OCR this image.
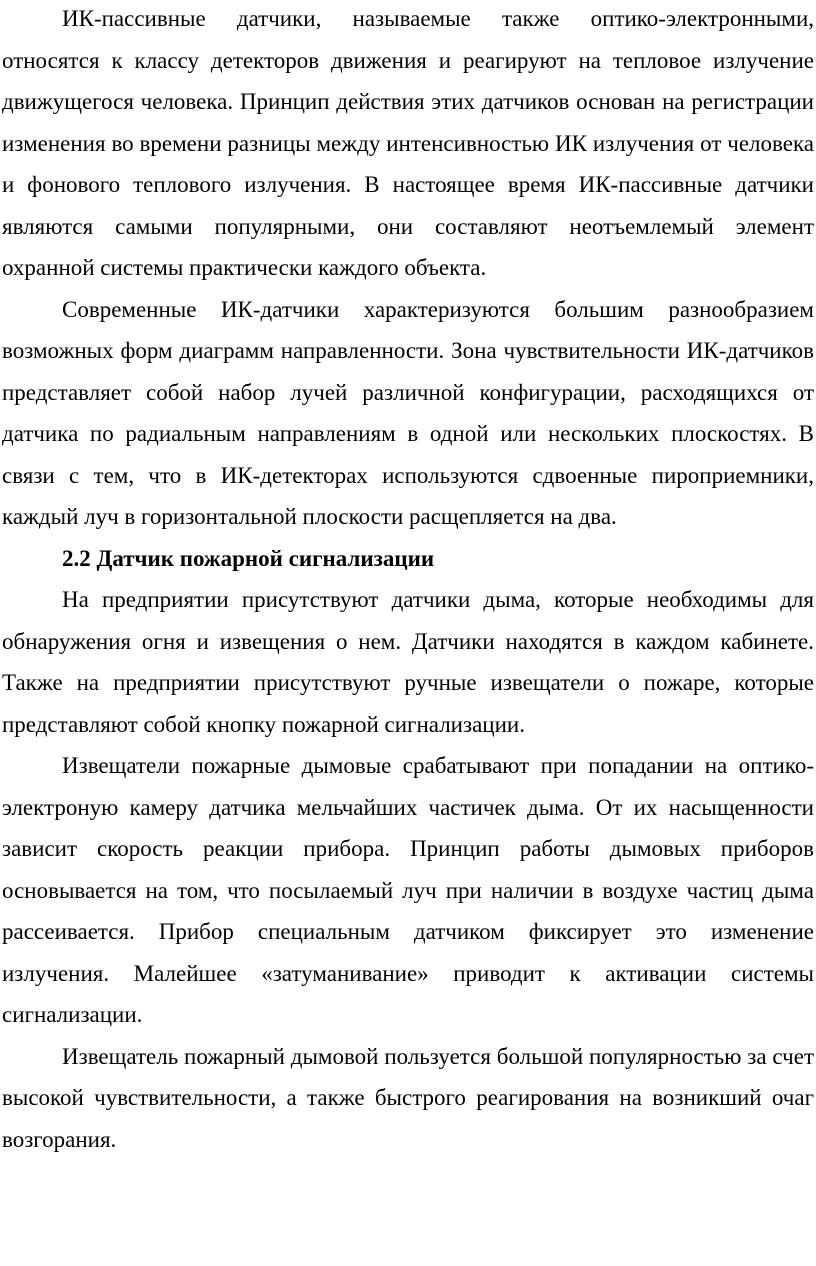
ИК-пассивные датчики, называемые также оптико-электронными, относятся к классу детекторов движения и реагируют на тепловое излучение движущегося человека. Принцип действия этих датчиков основан на регистрации изменения во времени разницы между интенсивностью ИК излучения от человека и фонового теплового излучения. В настоящее время ИК-пассивные датчики являются самыми популярными, они составляют неотъемлемый элемент охранной системы практически каждого объекта.

Современные ИК-датчики характеризуются большим разнообразием возможных форм диаграмм направленности. Зона чувствительности ИК-датчиков представляет собой набор лучей различной конфигурации, расходящихся от датчика по радиальным направлениям в одной или нескольких плоскостях. В связи с тем, что в ИК-детекторах используются сдвоенные пироприемники, каждый луч в горизонтальной плоскости расщепляется на два.

2.2 Датчик пожарной сигнализации

На предприятии присутствуют датчики дыма, которые необходимы для обнаружения огня и извещения о нем. Датчики находятся в каждом кабинете. Также на предприятии присутствуют ручные извещатели о пожаре, которые представляют собой кнопку пожарной сигнализации.

Извещатели пожарные дымовые срабатывают при попадании на оптико-электроную камеру датчика мельчайших частичек дыма. От их насыщенности зависит скорость реакции прибора. Принцип работы дымовых приборов основывается на том, что посылаемый луч при наличии в воздухе частиц дыма рассеивается. Прибор специальным датчиком фиксирует это изменение излучения. Малейшее «затуманивание» приводит к активации системы сигнализации.

Извещатель пожарный дымовой пользуется большой популярностью за счет высокой чувствительности, а также быстрого реагирования на возникший очаг возгорания.
